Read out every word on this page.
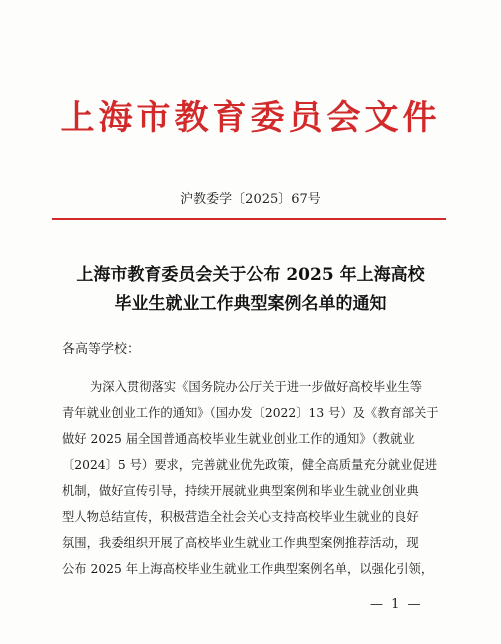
上海市教育委员会文件
沪教委学〔2025〕67号
上海市教育委员会关于公布 2025 年上海高校
毕业生就业工作典型案例名单的通知
各高等学校：
为深入贯彻落实《国务院办公厅关于进一步做好高校毕业生等
青年就业创业工作的通知》（国办发〔2022〕13 号）及《教育部关于
做好 2025 届全国普通高校毕业生就业创业工作的通知》（教就业
〔2024〕5 号）要求，完善就业优先政策，健全高质量充分就业促进
机制，做好宣传引导，持续开展就业典型案例和毕业生就业创业典
型人物总结宣传，积极营造全社会关心支持高校毕业生就业的良好
氛围，我委组织开展了高校毕业生就业工作典型案例推荐活动，现
公布 2025 年上海高校毕业生就业工作典型案例名单，以强化引领，
— 1 —
